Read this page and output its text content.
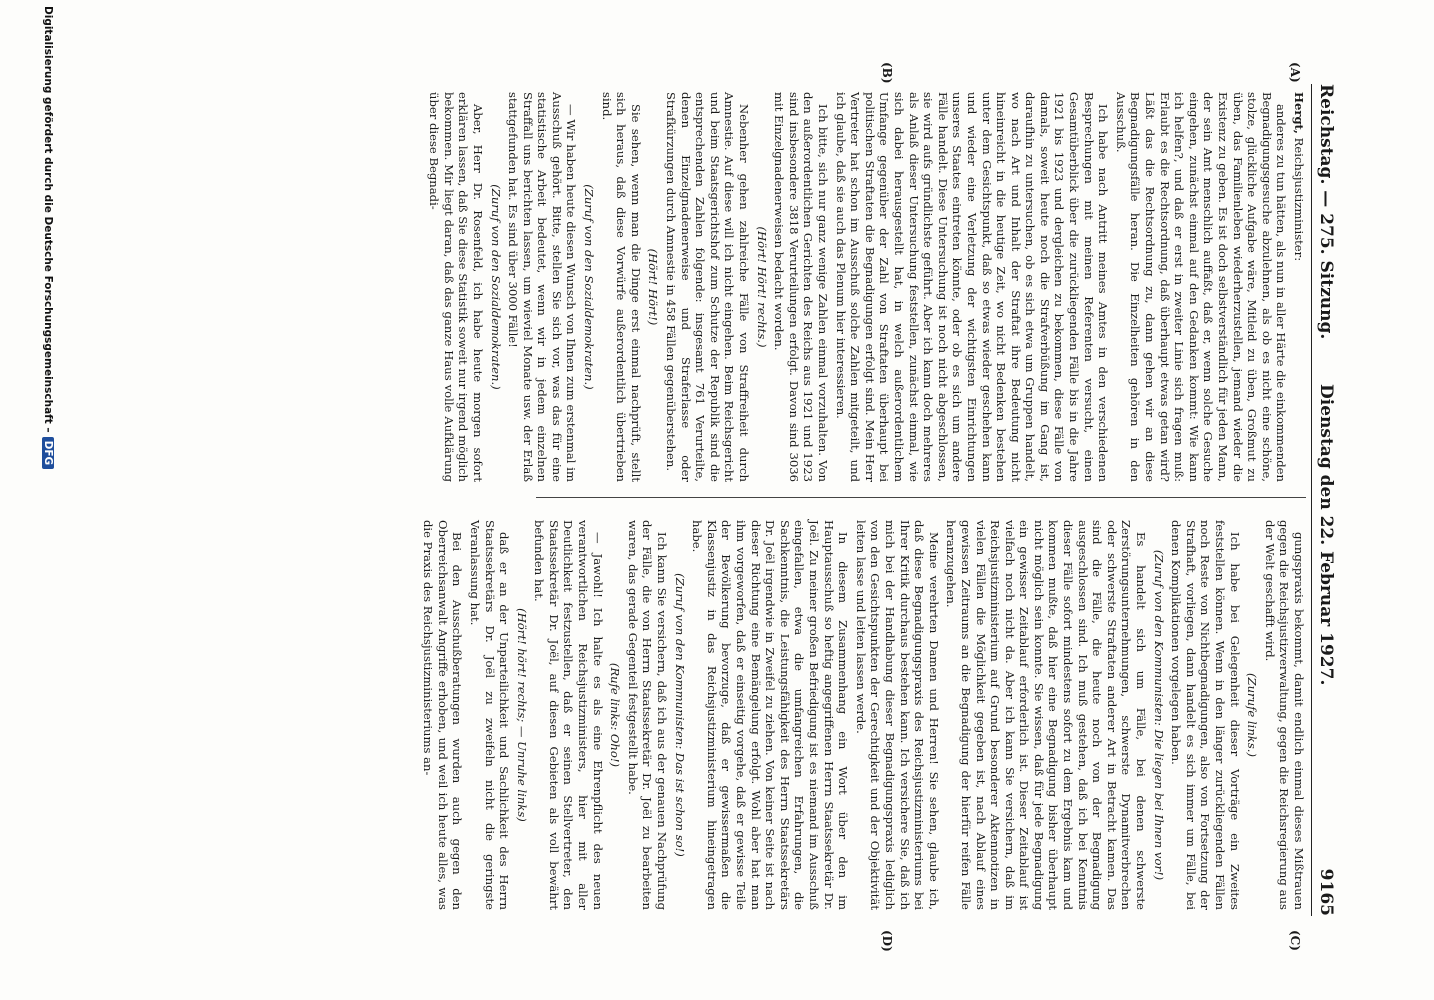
Reichstag. — 275. Sitzung.
Dienstag den 22. Februar 1927.
9165
(A)
(B)
(C)
(D)

Hergt, Reichsjustizminister:

anderes zu tun hätten, als nun in aller Härte die einkommenden Begnadigungsgesuche abzulehnen, als ob es nicht eine schöne, stolze, glückliche Aufgabe wäre, Mitleid zu üben, Großmut zu üben, das Familienleben wiederherzustellen, jemand wieder die Existenz zu geben. Es ist doch selbstverständlich für jeden Mann, der sein Amt menschlich auffaßt, daß er, wenn solche Gesuche eingehen, zunächst einmal auf den Gedanken kommt: Wie kann ich helfen?, und daß er erst in zweiter Linie sich fragen muß: Erlaubt es die Rechtsordnung, daß überhaupt etwas getan wird? Läßt das die Rechtsordnung zu, dann gehen wir an diese Begnadigungsfälle heran. Die Einzelheiten gehören in den Ausschuß.

Ich habe nach Antritt meines Amtes in den verschiedenen Besprechungen mit meinen Referenten versucht, einen Gesamtüberblick über die zurückliegenden Fälle bis in die Jahre 1921 bis 1923 und dergleichen zu bekommen, diese Fälle von damals, soweit heute noch die Strafverbüßung im Gang ist, daraufhin zu untersuchen, ob es sich etwa um Gruppen handelt, wo nach Art und Inhalt der Straftat ihre Bedeutung nicht hineinreicht in die heutige Zeit, wo nicht Bedenken bestehen unter dem Gesichtspunkt, daß so etwas wieder geschehen kann und wieder eine Verletzung der wichtigsten Einrichtungen unseres Staates eintreten könnte, oder ob es sich um andere Fälle handelt. Diese Untersuchung ist noch nicht abgeschlossen, sie wird aufs gründlichste geführt. Aber ich kann doch mehreres als Anlaß dieser Untersuchung feststellen, zunächst einmal, wie sich dabei herausgestellt hat, in welch außerordentlichem Umfange gegenüber der Zahl von Straftaten überhaupt bei politischen Straftaten die Begnadigungen erfolgt sind. Mein Herr Vertreter hat schon im Ausschuß solche Zahlen mitgeteilt, und ich glaube, daß sie auch das Plenum hier interessieren.

Ich bitte, sich nur ganz wenige Zahlen einmal vorzuhalten. Von den außerordentlichen Gerichten des Reichs aus 1921 und 1923 sind insbesondere 3818 Verurteilungen erfolgt. Davon sind 3036 mit Einzelgnadenerweisen bedacht worden.

(Hört! Hört! rechts.)

Nebenher gehen zahlreiche Fälle von Straffreiheit durch Amnestie. Auf diese will ich nicht eingehen. Beim Reichsgericht und beim Staatsgerichtshof zum Schutze der Republik sind die entsprechenden Zahlen folgende: insgesamt 761 Verurteilte, denen Einzelgnadenerweise und Straferlasse oder Strafkürzungen durch Amnestie in 458 Fällen gegenüberstehen.

(Hört! Hört!)

Sie sehen, wenn man die Dinge erst einmal nachprüft, stellt sich heraus, daß diese Vorwürfe außerordentlich übertrieben sind.

(Zuruf von den Sozialdemokraten.)

— Wir haben heute diesen Wunsch von Ihnen zum erstenmal im Ausschuß gehört. Bitte, stellen Sie sich vor, was das für eine statistische Arbeit bedeutet, wenn wir in jedem einzelnen Straffall uns berichten lassen, um wieviel Monate usw. der Erlaß stattgefunden hat. Es sind über 3000 Fälle!

(Zuruf von den Sozialdemokraten.)

Aber, Herr Dr. Rosenfeld, ich habe heute morgen sofort erklären lassen, daß Sie diese Statistik soweit nur irgend möglich bekommen. Mir liegt daran, daß das ganze Haus volle Aufklärung über diese Begnadi-

gungspraxis bekommt, damit endlich einmal dieses Mißtrauen gegen die Reichsjustizverwaltung, gegen die Reichsregierung aus der Welt geschafft wird.

(Zurufe links.)

Ich habe bei Gelegenheit dieser Vorträge ein Zweites feststellen können. Wenn in den länger zurückliegenden Fällen noch Reste von Nichtbegnadigungen, also von Fortsetzung der Strafhaft, vorliegen, dann handelt es sich immer um Fälle, bei denen Komplikationen vorgelegen haben.

(Zuruf von den Kommunisten: Die liegen bei Ihnen vor!)

Es handelt sich um Fälle, bei denen schwerste Zerstörungsunternehmungen, schwerste Dynamitverbrechen oder schwerste Straftaten anderer Art in Betracht kamen. Das sind die Fälle, die heute noch von der Begnadigung ausgeschlossen sind. Ich muß gestehen, daß ich bei Kenntnis dieser Fälle sofort mindestens sofort zu dem Ergebnis kam und kommen mußte, daß hier eine Begnadigung bisher überhaupt nicht möglich sein konnte. Sie wissen, daß für jede Begnadigung ein gewisser Zeitablauf erforderlich ist. Dieser Zeitablauf ist vielfach noch nicht da. Aber ich kann Sie versichern, daß im Reichsjustizministerium auf Grund besonderer Aktennotizen in vielen Fällen die Möglichkeit gegeben ist, nach Ablauf eines gewissen Zeitraums an die Begnadigung der hierfür reifen Fälle heranzugehen.

Meine verehrten Damen und Herren! Sie sehen, glaube ich, daß diese Begnadigungspraxis des Reichsjustizministeriums bei Ihrer Kritik durchaus bestehen kann. Ich versichere Sie, daß ich mich bei der Handhabung dieser Begnadigungspraxis lediglich von den Gesichtspunkten der Gerechtigkeit und der Objektivität leiten lasse und leiten lassen werde.

In diesem Zusammenhang ein Wort über den im Hauptausschuß so heftig angegriffenen Herrn Staatssekretär Dr. Joël. Zu meiner großen Befriedigung ist es niemand im Ausschuß eingefallen, etwa die umfangreichen Erfahrungen, die Sachkenntnis, die Leistungsfähigkeit des Herrn Staatssekretärs Dr. Joël irgendwie in Zweifel zu ziehen. Von keiner Seite ist nach dieser Richtung eine Bemängelung erfolgt. Wohl aber hat man ihm vorgeworfen, daß er einseitig vorgehe, daß er gewisse Teile der Bevölkerung bevorzuge, daß er gewissermaßen die Klassenjustiz in das Reichsjustizministerium hineingetragen habe.

(Zuruf von den Kommunisten: Das ist schon so!)

Ich kann Sie versichern, daß ich aus der genauen Nachprüfung der Fälle, die von Herrn Staatssekretär Dr. Joël zu bearbeiten waren, das gerade Gegenteil festgestellt habe.

(Rufe links: Oho!)

— Jawohl! Ich halte es als eine Ehrenpflicht des neuen verantwortlichen Reichsjustizministers, hier mit aller Deutlichkeit festzustellen, daß er seinen Stellvertreter, den Staatssekretär Dr. Joël, auf diesen Gebieten als voll bewährt befunden hat.

(Hört! hört! rechts; — Unruhe links)

daß er an der Unparteilichkeit und Sachlichkeit des Herrn Staatssekretärs Dr. Joël zu zweifeln nicht die geringste Veranlassung hat.

Bei den Ausschußberatungen wurden auch gegen den Oberreichsanwalt Angriffe erhoben, und weil ich heute alles, was die Praxis des Reichsjustizministeriums an-

Digitalisierung gefördert durch die Deutsche Forschungsgemeinschaft –DFG
